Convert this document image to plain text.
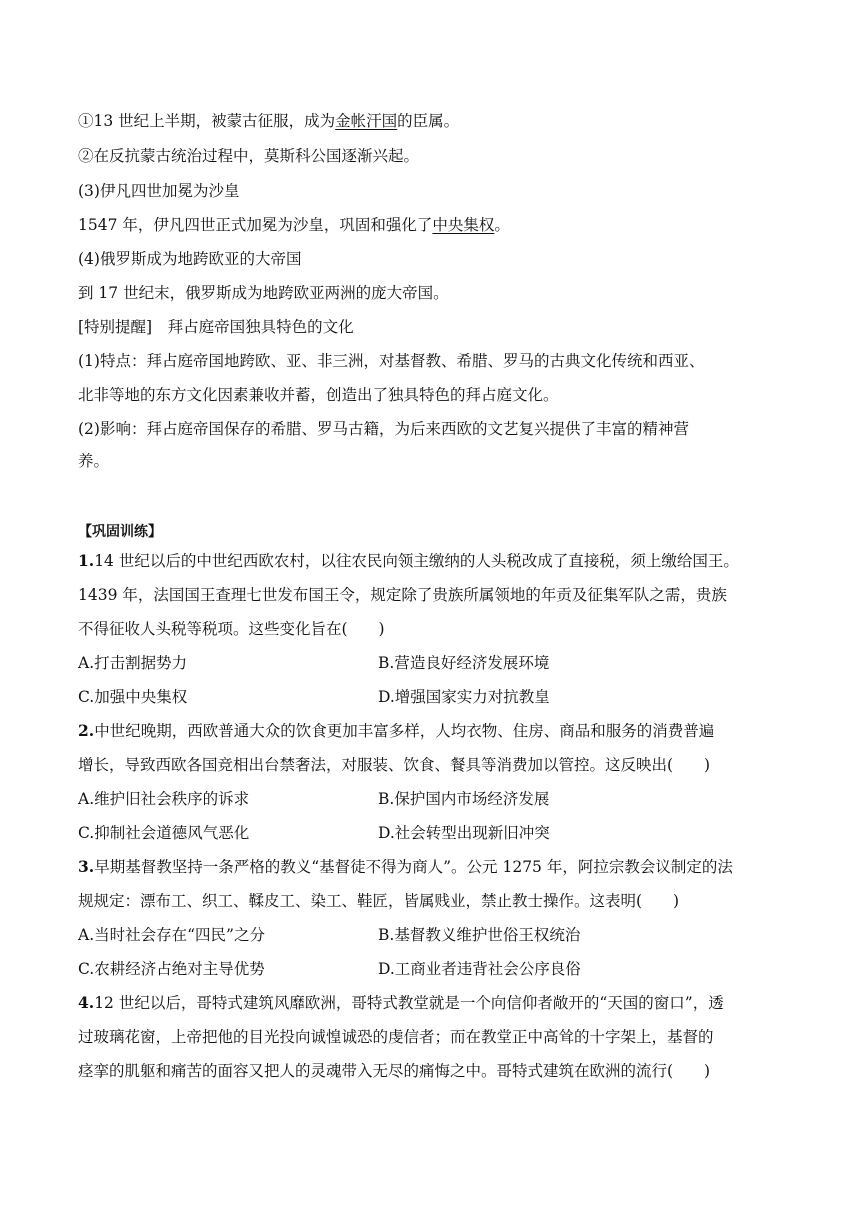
①13 世纪上半期，被蒙古征服，成为金帐汗国的臣属。
②在反抗蒙古统治过程中，莫斯科公国逐渐兴起。
(3)伊凡四世加冕为沙皇
1547 年，伊凡四世正式加冕为沙皇，巩固和强化了中央集权。
(4)俄罗斯成为地跨欧亚的大帝国
到 17 世纪末，俄罗斯成为地跨欧亚两洲的庞大帝国。
[特别提醒]　拜占庭帝国独具特色的文化
(1)特点：拜占庭帝国地跨欧、亚、非三洲，对基督教、希腊、罗马的古典文化传统和西亚、
北非等地的东方文化因素兼收并蓄，创造出了独具特色的拜占庭文化。
(2)影响：拜占庭帝国保存的希腊、罗马古籍，为后来西欧的文艺复兴提供了丰富的精神营
养。
【巩固训练】
1.14 世纪以后的中世纪西欧农村，以往农民向领主缴纳的人头税改成了直接税，须上缴给国王。
1439 年，法国国王查理七世发布国王令，规定除了贵族所属领地的年贡及征集军队之需，贵族
不得征收人头税等税项。这些变化旨在(　　)
A.打击割据势力	B.营造良好经济发展环境
C.加强中央集权	D.增强国家实力对抗教皇
2.中世纪晚期，西欧普通大众的饮食更加丰富多样，人均衣物、住房、商品和服务的消费普遍
增长，导致西欧各国竞相出台禁奢法，对服装、饮食、餐具等消费加以管控。这反映出(　　)
A.维护旧社会秩序的诉求	B.保护国内市场经济发展
C.抑制社会道德风气恶化	D.社会转型出现新旧冲突
3.早期基督教坚持一条严格的教义“基督徒不得为商人”。公元 1275 年，阿拉宗教会议制定的法
规规定：漂布工、织工、鞣皮工、染工、鞋匠，皆属贱业，禁止教士操作。这表明(　　)
A.当时社会存在“四民”之分	B.基督教义维护世俗王权统治
C.农耕经济占绝对主导优势	D.工商业者违背社会公序良俗
4.12 世纪以后，哥特式建筑风靡欧洲，哥特式教堂就是一个向信仰者敞开的“天国的窗口”，透
过玻璃花窗，上帝把他的目光投向诚惶诚恐的虔信者；而在教堂正中高耸的十字架上，基督的
痉挛的肌躯和痛苦的面容又把人的灵魂带入无尽的痛悔之中。哥特式建筑在欧洲的流行(　　)
